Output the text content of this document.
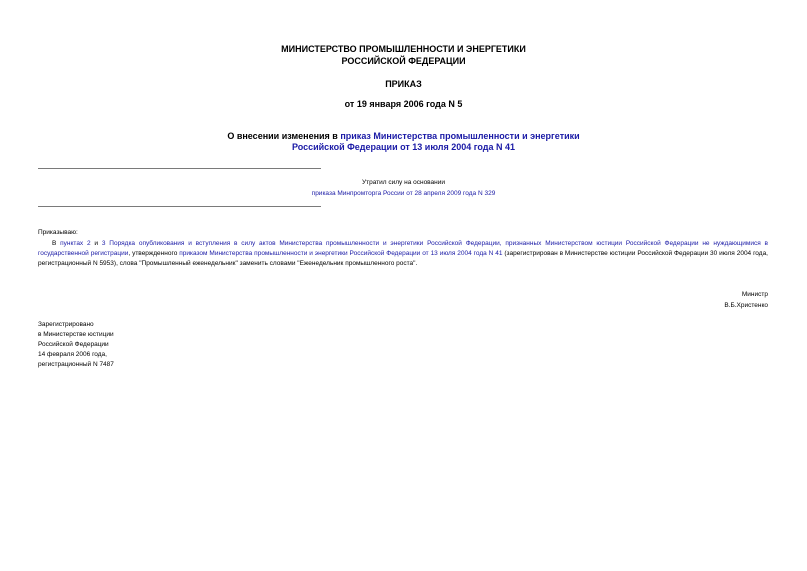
МИНИСТЕРСТВО ПРОМЫШЛЕННОСТИ И ЭНЕРГЕТИКИ
РОССИЙСКОЙ ФЕДЕРАЦИИ
ПРИКАЗ
от 19 января 2006 года N 5
О внесении изменения в приказ Министерства промышленности и энергетики
Российской Федерации от 13 июля 2004 года N 41
Утратил силу на основании
приказа Минпромторга России от 28 апреля 2009 года N 329
Приказываю:
В пунктах 2 и 3 Порядка опубликования и вступления в силу актов Министерства промышленности и энергетики Российской Федерации, признанных Министерством юстиции Российской Федерации не нуждающимися в государственной регистрации, утвержденного приказом Министерства промышленности и энергетики Российской Федерации от 13 июля 2004 года N 41 (зарегистрирован в Министерстве юстиции Российской Федерации 30 июля 2004 года, регистрационный N 5953), слова "Промышленный еженедельник" заменить словами "Еженедельник промышленного роста".
Министр
В.Б.Христенко
Зарегистрировано
в Министерстве юстиции
Российской Федерации
14 февраля 2006 года,
регистрационный N 7487
